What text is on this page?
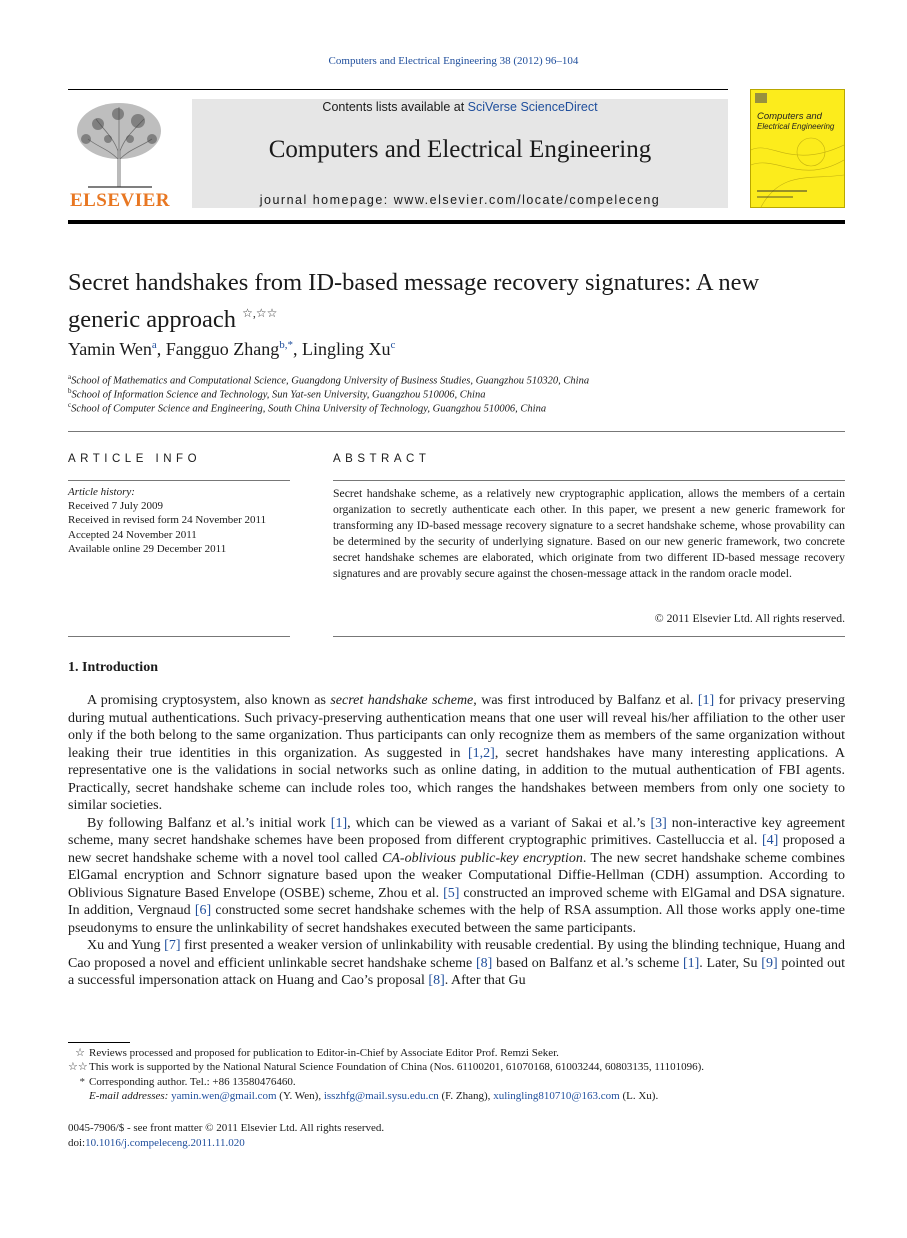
Computers and Electrical Engineering 38 (2012) 96–104
ELSEVIER
Contents lists available at SciVerse ScienceDirect
Computers and Electrical Engineering
journal homepage: www.elsevier.com/locate/compeleceng
Computers and
Electrical Engineering
Secret handshakes from ID-based message recovery signatures: A new
generic approach ☆,☆☆
Yamin Wen$^a$, Fangguo Zhang$^{b,*}$, Lingling Xu$^c$
$^a$School of Mathematics and Computational Science, Guangdong University of Business Studies, Guangzhou 510320, China
$^b$School of Information Science and Technology, Sun Yat-sen University, Guangzhou 510006, China
$^c$School of Computer Science and Engineering, South China University of Technology, Guangzhou 510006, China
ARTICLE INFO
Article history:
Received 7 July 2009
Received in revised form 24 November 2011
Accepted 24 November 2011
Available online 29 December 2011
ABSTRACT
Secret handshake scheme, as a relatively new cryptographic application, allows the members of a certain organization to secretly authenticate each other. In this paper, we present a new generic framework for transforming any ID-based message recovery signature to a secret handshake scheme, whose provability can be determined by the security of underlying signature. Based on our new generic framework, two concrete secret handshake schemes are elaborated, which originate from two different ID-based message recovery signatures and are provably secure against the chosen-message attack in the random oracle model.
© 2011 Elsevier Ltd. All rights reserved.
1. Introduction

A promising cryptosystem, also known as secret handshake scheme, was first introduced by Balfanz et al. [1] for privacy preserving during mutual authentications. Such privacy-preserving authentication means that one user will reveal his/her affiliation to the other user only if the both belong to the same organization. Thus participants can only recognize them as members of the same organization without leaking their true identities in this organization. As suggested in [1,2], secret handshakes have many interesting applications. A representative one is the validations in social networks such as online dating, in addition to the mutual authentication of FBI agents. Practically, secret handshake scheme can include roles too, which ranges the handshakes between members from only one society to similar societies.

By following Balfanz et al.’s initial work [1], which can be viewed as a variant of Sakai et al.’s [3] non-interactive key agreement scheme, many secret handshake schemes have been proposed from different cryptographic primitives. Castelluccia et al. [4] proposed a new secret handshake scheme with a novel tool called CA-oblivious public-key encryption. The new secret handshake scheme combines ElGamal encryption and Schnorr signature based upon the weaker Computational Diffie-Hellman (CDH) assumption. According to Oblivious Signature Based Envelope (OSBE) scheme, Zhou et al. [5] constructed an improved scheme with ElGamal and DSA signature. In addition, Vergnaud [6] constructed some secret handshake schemes with the help of RSA assumption. All those works apply one-time pseudonyms to ensure the unlinkability of secret handshakes executed between the same participants.

Xu and Yung [7] first presented a weaker version of unlinkability with reusable credential. By using the blinding technique, Huang and Cao proposed a novel and efficient unlinkable secret handshake scheme [8] based on Balfanz et al.’s scheme [1]. Later, Su [9] pointed out a successful impersonation attack on Huang and Cao’s proposal [8]. After that Gu

☆ Reviews processed and proposed for publication to Editor-in-Chief by Associate Editor Prof. Remzi Seker.
☆☆ This work is supported by the National Natural Science Foundation of China (Nos. 61100201, 61070168, 61003244, 60803135, 11101096).
* Corresponding author. Tel.: +86 13580476460.
E-mail addresses: yamin.wen@gmail.com (Y. Wen), isszhfg@mail.sysu.edu.cn (F. Zhang), xulingling810710@163.com (L. Xu).
0045-7906/$ - see front matter © 2011 Elsevier Ltd. All rights reserved.
doi:10.1016/j.compeleceng.2011.11.020
